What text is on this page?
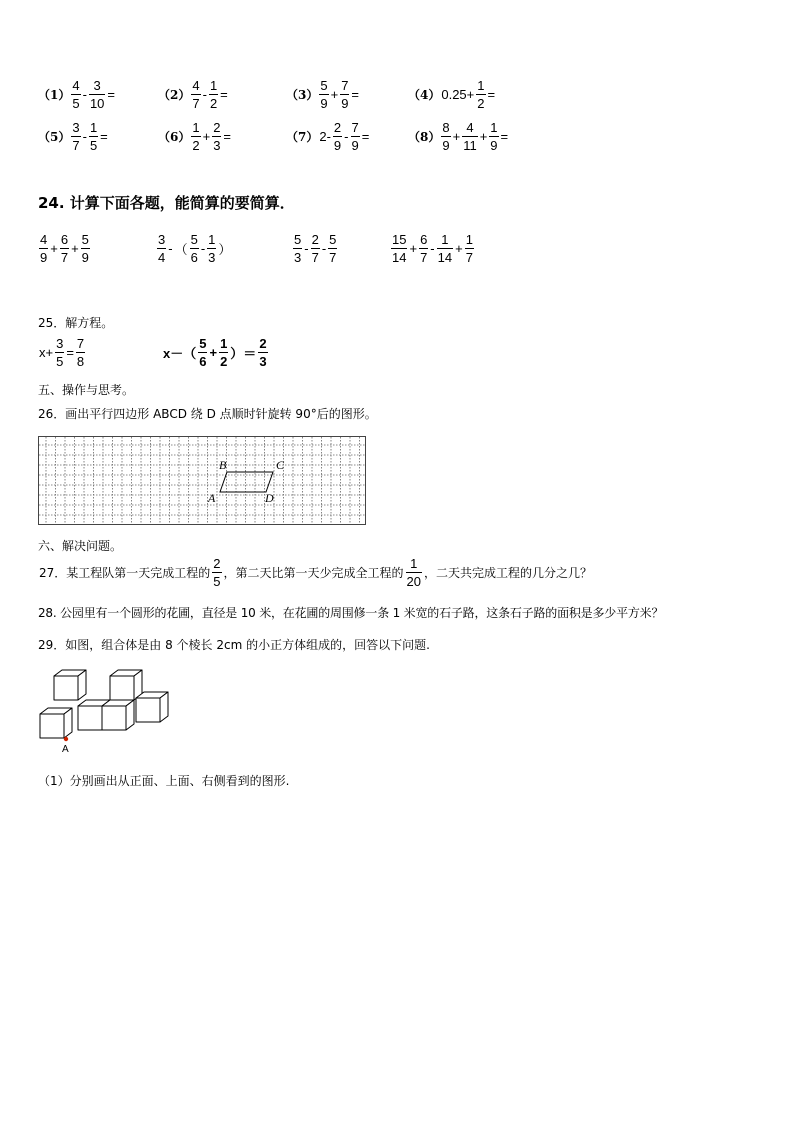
$(1) \frac{4}{5} - \frac{3}{10}$ =	$(2) \frac{4}{7} - \frac{1}{2}$ =	$(3) \frac{5}{9} + \frac{7}{9}$ =	$(4)0.25+ \frac{1}{2}$ =
$(5) \frac{3}{7} - \frac{1}{5}$ =	$(6) \frac{1}{2} + \frac{2}{3}$ =	$(7)2- \frac{2}{9} - \frac{7}{9}$ =	$(8) \frac{8}{9} + \frac{4}{11} + \frac{1}{9}$ =
24. 计算下面各题，能简算的要简算．
$\frac{4}{9} + \frac{6}{7} + \frac{5}{9}$	$\frac{3}{4}$ - （ $\frac{5}{6} - \frac{1}{3}$ ）	$\frac{5}{3} - \frac{2}{7} - \frac{5}{7}$	$\frac{15}{14} + \frac{6}{7} - \frac{1}{14} + \frac{1}{7}$
25．解方程。
$x+ \frac{3}{5} = \frac{7}{8}$	$x-( \frac{5}{6} + \frac{1}{2}$ ）＝ $\frac{2}{3}$
五、操作与思考。
26．画出平行四边形 ABCD 绕 D 点顺时针旋转 90°后的图形。
B	C
A	D
六、解决问题。
27．某工程队第一天完成工程的 $\frac{2}{5}$ ，第二天比第一天少完成全工程的 $\frac{1}{20}$ ，二天共完成工程的几分之几？
28. 公园里有一个圆形的花圃，直径是 10 米，在花圃的周围修一条 1 米宽的石子路，这条石子路的面积是多少平方米？
29．如图，组合体是由 8 个棱长 2cm 的小正方体组成的，回答以下问题.
A
（1）分别画出从正面、上面、右侧看到的图形.
